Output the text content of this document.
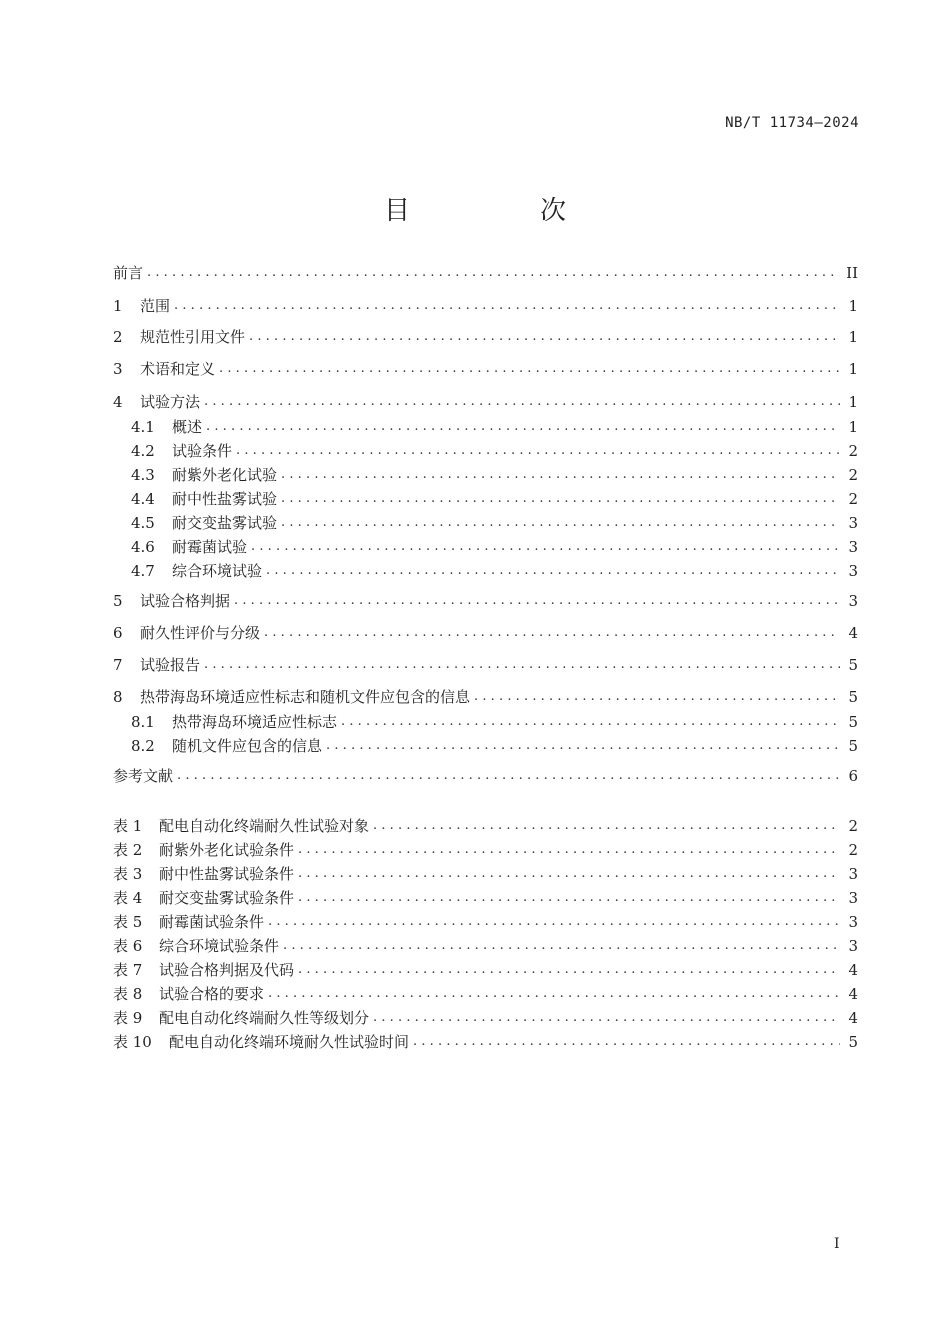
NB/T 11734—2024
目　次
前言 .....	II
1	范围 .....	1
2	规范性引用文件 .....	1
3	术语和定义 .....	1
4	试验方法 .....	1
4.1	概述 .....	1
4.2	试验条件 .....	2
4.3	耐紫外老化试验 .....	2
4.4	耐中性盐雾试验 .....	2
4.5	耐交变盐雾试验 .....	3
4.6	耐霉菌试验 .....	3
4.7	综合环境试验 .....	3
5	试验合格判据 .....	3
6	耐久性评价与分级 .....	4
7	试验报告 .....	5
8	热带海岛环境适应性标志和随机文件应包含的信息 .....	5
8.1	热带海岛环境适应性标志 .....	5
8.2	随机文件应包含的信息 .....	5
参考文献 .....	6
表 1	配电自动化终端耐久性试验对象 .....	2
表 2	耐紫外老化试验条件 .....	2
表 3	耐中性盐雾试验条件 .....	3
表 4	耐交变盐雾试验条件 .....	3
表 5	耐霉菌试验条件 .....	3
表 6	综合环境试验条件 .....	3
表 7	试验合格判据及代码 .....	4
表 8	试验合格的要求 .....	4
表 9	配电自动化终端耐久性等级划分 .....	4
表 10	配电自动化终端环境耐久性试验时间 .....	5
I
